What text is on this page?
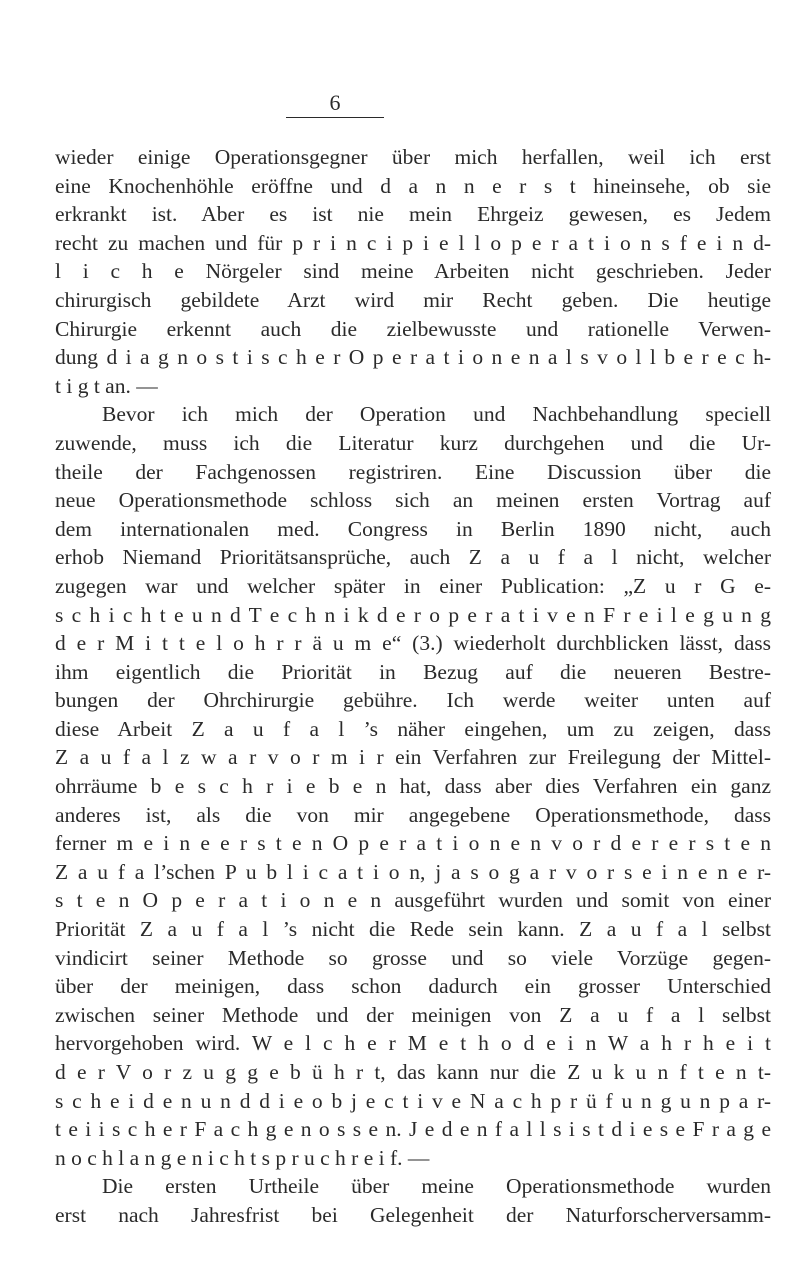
6
wieder einige Operationsgegner über mich herfallen, weil ich erst
eine Knochenhöhle eröffne und d a n n e r s t hineinsehe, ob sie
erkrankt ist. Aber es ist nie mein Ehrgeiz gewesen, es Jedem
recht zu machen und für p r i n c i p i e l l o p e r a t i o n s f e i n d-
l i c h e Nörgeler sind meine Arbeiten nicht geschrieben. Jeder
chirurgisch gebildete Arzt wird mir Recht geben. Die heutige
Chirurgie erkennt auch die zielbewusste und rationelle Verwen-
dung d i a g n o s t i s c h e r O p e r a t i o n e n a l s v o l l b e r e c h-
t i g t an. —
Bevor ich mich der Operation und Nachbehandlung speciell
zuwende, muss ich die Literatur kurz durchgehen und die Ur-
theile der Fachgenossen registriren. Eine Discussion über die
neue Operationsmethode schloss sich an meinen ersten Vortrag auf
dem internationalen med. Congress in Berlin 1890 nicht, auch
erhob Niemand Prioritätsansprüche, auch Z a u f a l nicht, welcher
zugegen war und welcher später in einer Publication: „Z u r G e-
s c h i c h t e u n d T e c h n i k d e r o p e r a t i v e n F r e i l e g u n g
d e r M i t t e l o h r r ä u m e“ (3.) wiederholt durchblicken lässt, dass
ihm eigentlich die Priorität in Bezug auf die neueren Bestre-
bungen der Ohrchirurgie gebühre. Ich werde weiter unten auf
diese Arbeit Z a u f a l ’s näher eingehen, um zu zeigen, dass
Z a u f a l z w a r v o r m i r ein Verfahren zur Freilegung der Mittel-
ohrräume b e s c h r i e b e n hat, dass aber dies Verfahren ein ganz
anderes ist, als die von mir angegebene Operationsmethode, dass
ferner m e i n e e r s t e n O p e r a t i o n e n v o r d e r e r s t e n
Z a u f a l’schen P u b l i c a t i o n, j a s o g a r v o r s e i n e n e r-
s t e n O p e r a t i o n e n ausgeführt wurden und somit von einer
Priorität Z a u f a l ’s nicht die Rede sein kann. Z a u f a l selbst
vindicirt seiner Methode so grosse und so viele Vorzüge gegen-
über der meinigen, dass schon dadurch ein grosser Unterschied
zwischen seiner Methode und der meinigen von Z a u f a l selbst
hervorgehoben wird. W e l c h e r M e t h o d e i n W a h r h e i t
d e r V o r z u g g e b ü h r t, das kann nur die Z u k u n f t e n t-
s c h e i d e n u n d d i e o b j e c t i v e N a c h p r ü f u n g u n p a r-
t e i i s c h e r F a c h g e n o s s e n. J e d e n f a l l s i s t d i e s e F r a g e
n o c h l a n g e n i c h t s p r u c h r e i f. —
Die ersten Urtheile über meine Operationsmethode wurden
erst nach Jahresfrist bei Gelegenheit der Naturforscherversamm-
